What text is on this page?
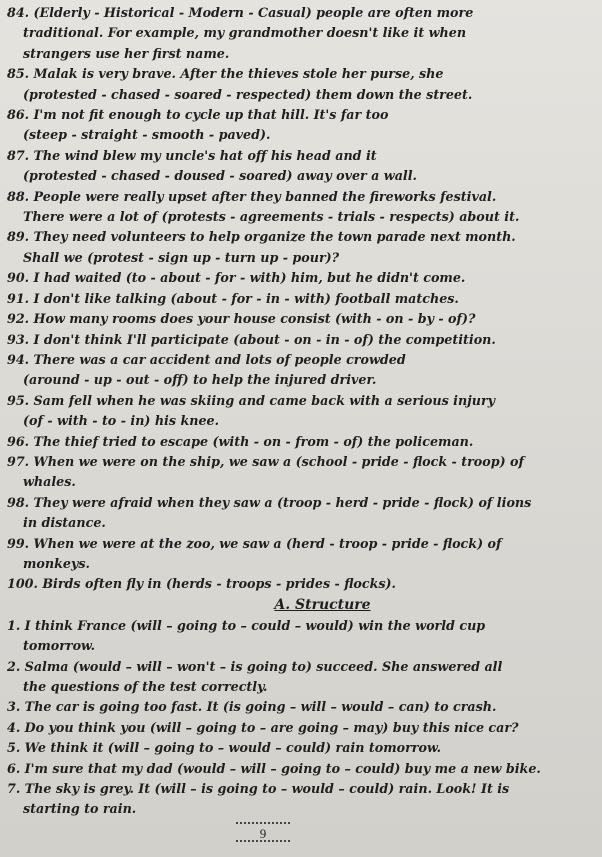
84. (Elderly - Historical - Modern - Casual) people are often more
traditional. For example, my grandmother doesn't like it when
strangers use her first name.
85. Malak is very brave. After the thieves stole her purse, she
(protested - chased - soared - respected) them down the street.
86. I'm not fit enough to cycle up that hill. It's far too
(steep - straight - smooth - paved).
87. The wind blew my uncle's hat off his head and it
(protested - chased - doused - soared) away over a wall.
88. People were really upset after they banned the fireworks festival.
There were a lot of (protests - agreements - trials - respects) about it.
89. They need volunteers to help organize the town parade next month.
Shall we (protest - sign up - turn up - pour)?
90. I had waited (to - about - for - with) him, but he didn't come.
91. I don't like talking (about - for - in - with) football matches.
92. How many rooms does your house consist (with - on - by - of)?
93. I don't think I'll participate (about - on - in - of) the competition.
94. There was a car accident and lots of people crowded
(around - up - out - off) to help the injured driver.
95. Sam fell when he was skiing and came back with a serious injury
(of - with - to - in) his knee.
96. The thief tried to escape (with - on - from - of) the policeman.
97. When we were on the ship, we saw a (school - pride - flock - troop) of
whales.
98. They were afraid when they saw a (troop - herd - pride - flock) of lions
in distance.
99. When we were at the zoo, we saw a (herd - troop - pride - flock) of
monkeys.
100. Birds often fly in (herds - troops - prides - flocks).
A. Structure
1. I think France (will – going to – could – would) win the world cup
tomorrow.
2. Salma (would – will – won't – is going to) succeed. She answered all
the questions of the test correctly.
3. The car is going too fast. It (is going – will – would – can) to crash.
4. Do you think you (will – going to – are going – may) buy this nice car?
5. We think it (will – going to – would – could) rain tomorrow.
6. I'm sure that my dad (would – will – going to – could) buy me a new bike.
7. The sky is grey. It (will – is going to – would – could) rain. Look! It is
starting to rain.
9
